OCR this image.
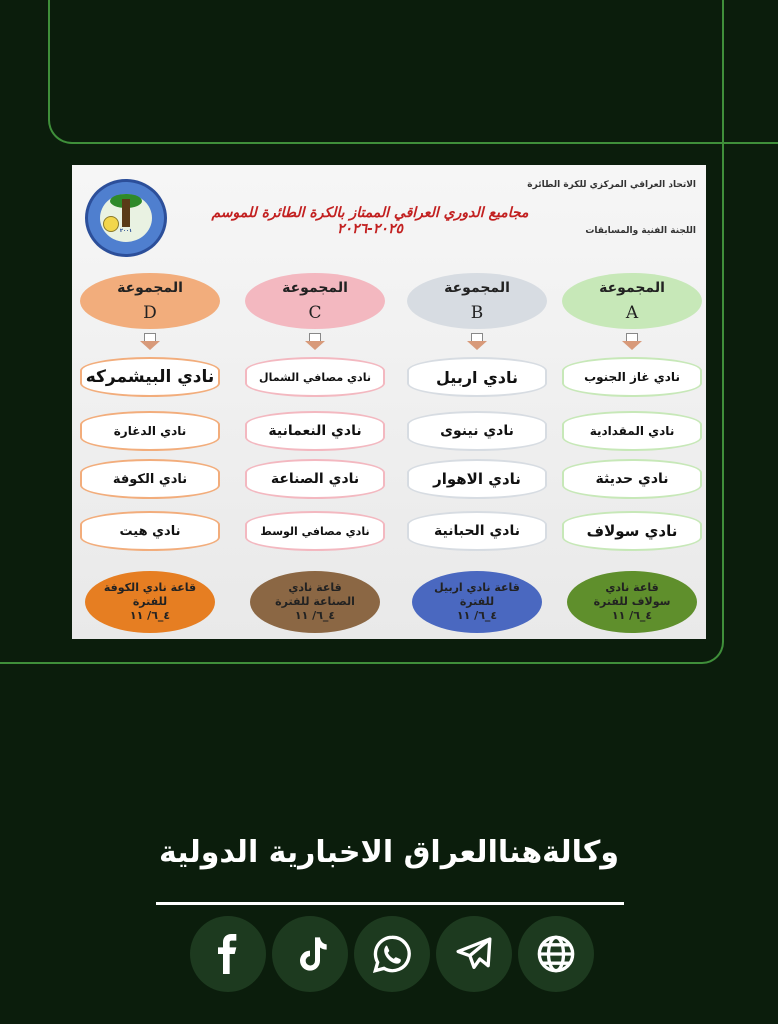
الاتحاد العراقي المركزي للكرة الطائرة
اللجنة الفنية والمسابقات
مجاميع الدوري العراقي الممتاز بالكرة الطائرة للموسم ٢٠٢٥-٢٠٢٦
٢٠٠١
المجموعة
D
نادي البيشمركه
نادي الدغارة
نادي الكوفة
نادي هيت
قاعة نادي الكوفة
للفترة
٤_٦/ ١١
المجموعة
C
نادي مصافي الشمال
نادي النعمانية
نادي الصناعة
نادي مصافي الوسط
قاعة نادي
الصناعة للفترة
٤_٦/ ١١
المجموعة
B
نادي اربيل
نادي نينوى
نادي الاهوار
نادي الحبانية
قاعة نادي اربيل
للفترة
٤_٦/ ١١
المجموعة
A
نادي غاز الجنوب
نادي المقدادية
نادي حديثة
نادي سولاف
قاعة نادي
سولاف للفترة
٤_٦/ ١١
وكالةهناالعراق الاخبارية الدولية
